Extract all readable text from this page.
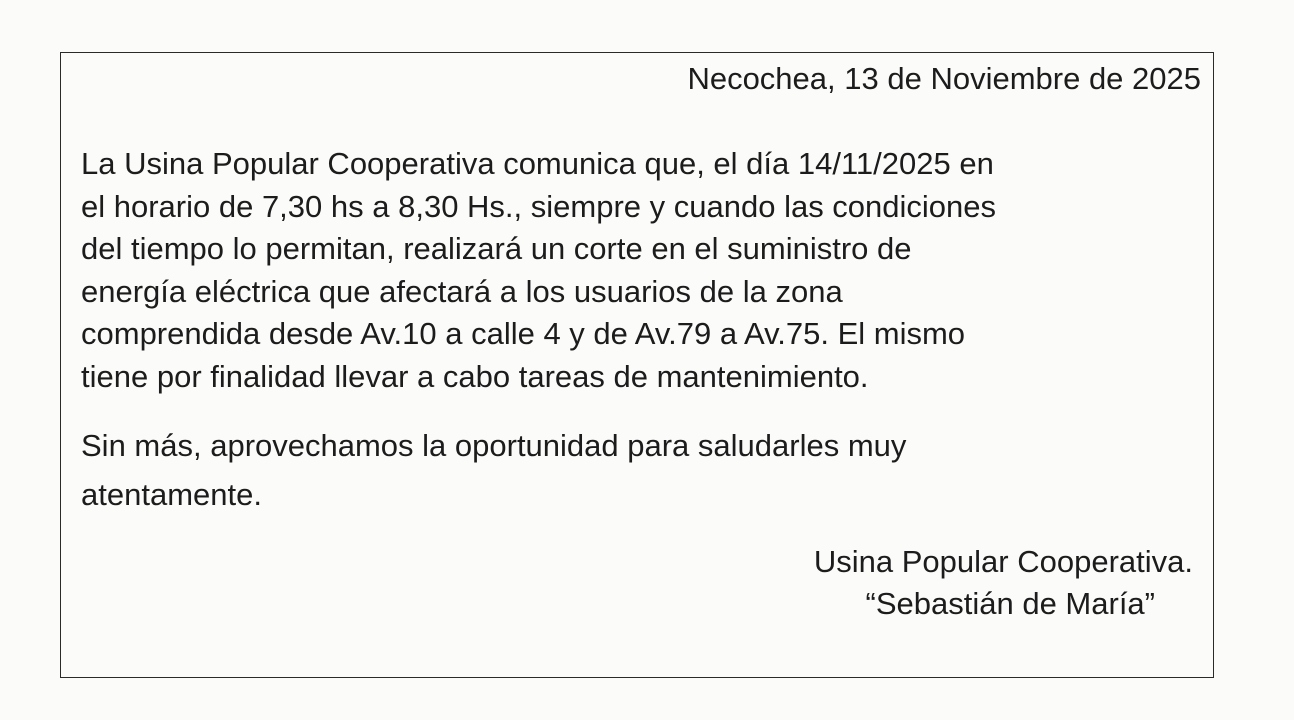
Necochea, 13 de Noviembre de 2025

La Usina Popular Cooperativa comunica que, el día 14/11/2025 en
el horario de 7,30 hs a 8,30 Hs., siempre y cuando las condiciones
del tiempo lo permitan, realizará un corte en el suministro de
energía eléctrica que afectará a los usuarios de la zona
comprendida desde Av.10 a calle 4 y de Av.79 a Av.75. El mismo
tiene por finalidad llevar a cabo tareas de mantenimiento.

Sin más, aprovechamos la oportunidad para saludarles muy
atentamente.

Usina Popular Cooperativa.
“Sebastián de María”
